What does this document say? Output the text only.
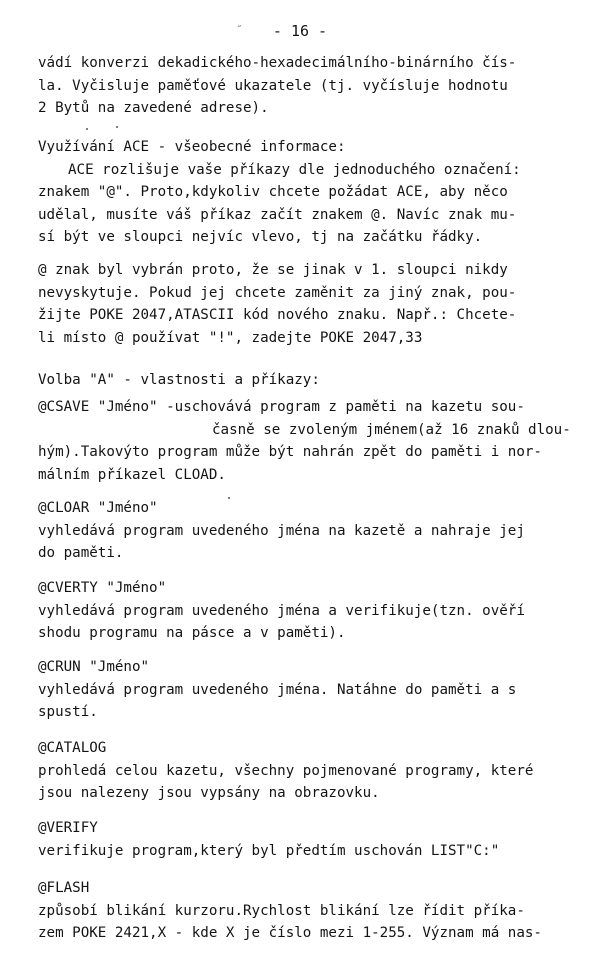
˝	- 16 -
vádí konverzi dekadického-hexadecimálního-binárního čís-
la. Vyčisluje paměťové ukazatele (tj. vyčísluje hodnotu
2 Bytů na zavedené adrese).
Využívání ACE - všeobecné informace:
ACE rozlišuje vaše příkazy dle jednoduchého označení:
znakem "@". Proto,kdykoliv chcete požádat ACE, aby něco
udělal, musíte váš příkaz začít znakem @. Navíc znak mu-
sí být ve sloupci nejvíc vlevo, tj na začátku řádky.
@ znak byl vybrán proto, že se jinak v 1. sloupci nikdy
nevyskytuje. Pokud jej chcete zaměnit za jiný znak, pou-
žijte POKE 2047,ATASCII kód nového znaku. Např.: Chcete-
li místo @ používat "!", zadejte POKE 2047,33
Volba "A" - vlastnosti a příkazy:
@CSAVE "Jméno" -uschovává program z paměti na kazetu sou-
časně se zvoleným jménem(až 16 znaků dlou-
hým).Takovýto program může být nahrán zpět do paměti i nor-
málním příkazel CLOAD.
@CLOAR "Jméno"
vyhledává program uvedeného jména na kazetě a nahraje jej
do paměti.
@CVERTY "Jméno"
vyhledává program uvedeného jména a verifikuje(tzn. ověří
shodu programu na pásce a v paměti).
@CRUN "Jméno"
vyhledává program uvedeného jména. Natáhne do paměti a s
spustí.
@CATALOG
prohledá celou kazetu, všechny pojmenované programy, které
jsou nalezeny jsou vypsány na obrazovku.
@VERIFY
verifikuje program,který byl předtím uschován LIST"C:"
@FLASH
způsobí blikání kurzoru.Rychlost blikání lze řídit příka-
zem POKE 2421,X - kde X je číslo mezi 1-255. Význam má nas-
